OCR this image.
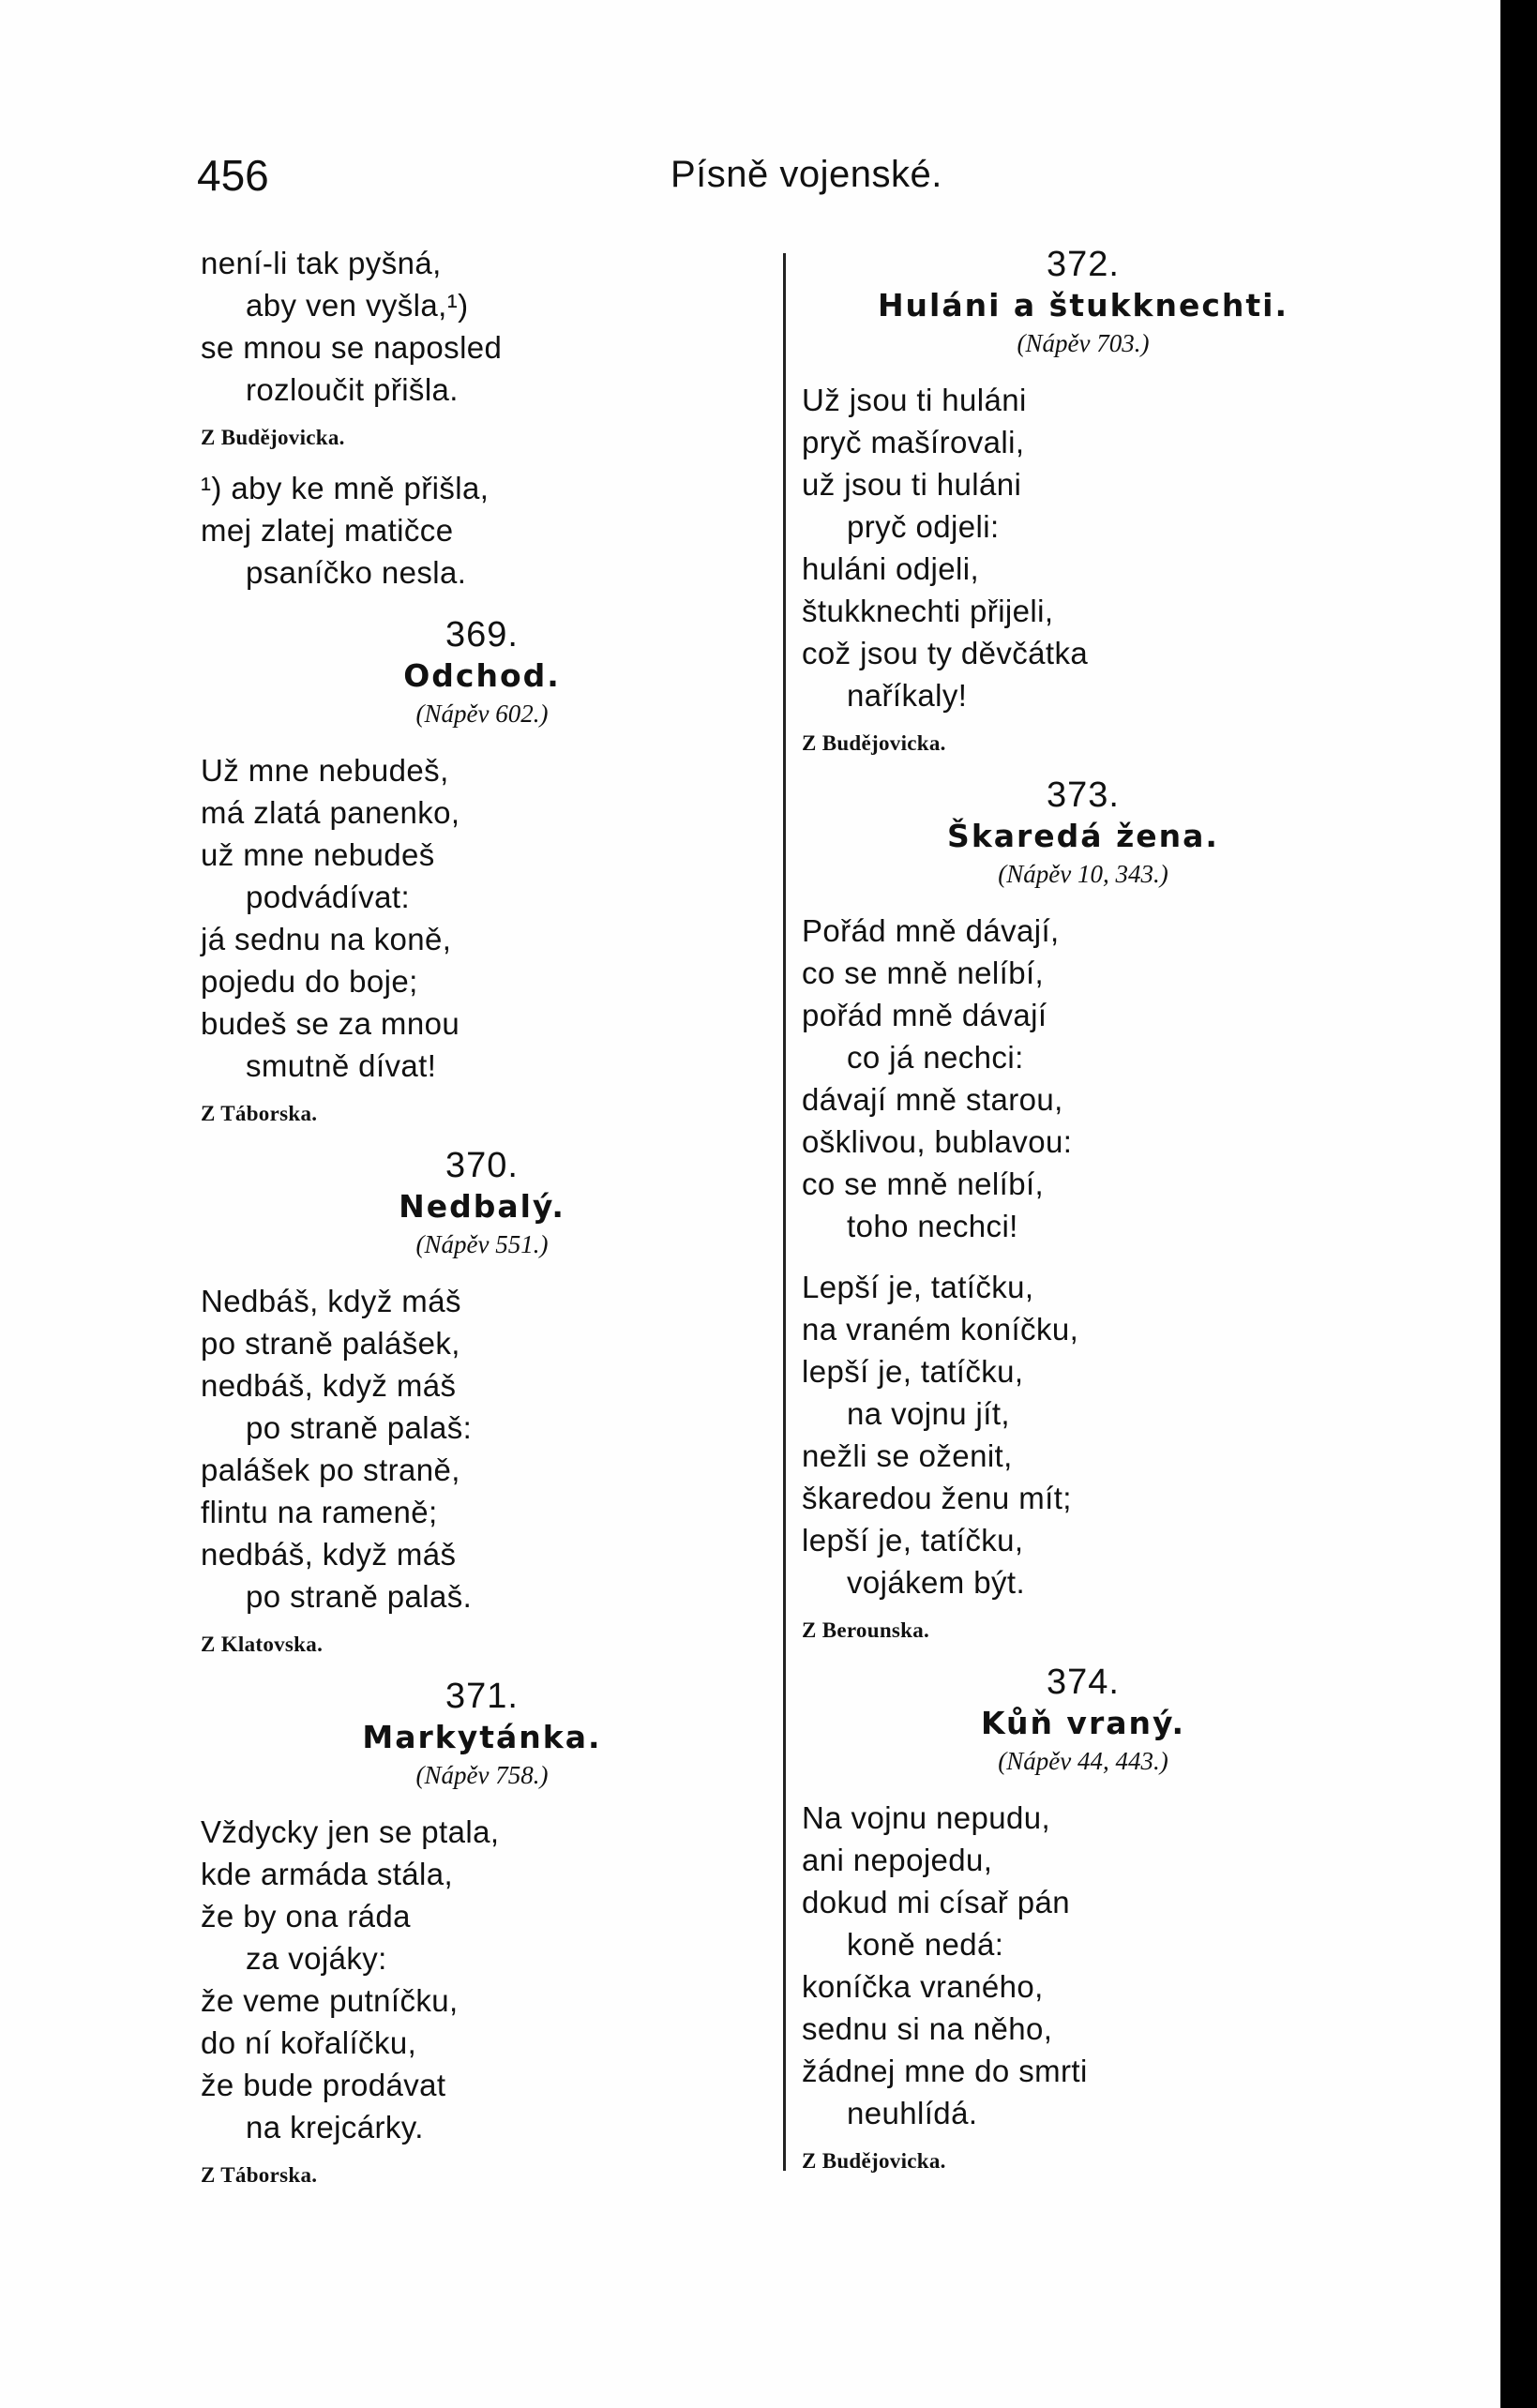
456	Písně vojenské.
není-li tak pyšná,
aby ven vyšla,¹)
se mnou se naposled
rozloučit přišla.
Z Budějovicka.
¹) aby ke mně přišla,
mej zlatej matičce
psaníčko nesla.
369.
Odchod.
(Nápěv 602.)
Už mne nebudeš,
má zlatá panenko,
už mne nebudeš
podvádívat:
já sednu na koně,
pojedu do boje;
budeš se za mnou
smutně dívat!
Z Táborska.
370.
Nedbalý.
(Nápěv 551.)
Nedbáš, když máš
po straně palášek,
nedbáš, když máš
po straně palaš:
palášek po straně,
flintu na rameně;
nedbáš, když máš
po straně palaš.
Z Klatovska.
371.
Markytánka.
(Nápěv 758.)
Vždycky jen se ptala,
kde armáda stála,
že by ona ráda
za vojáky:
že veme putníčku,
do ní kořalíčku,
že bude prodávat
na krejcárky.
Z Táborska.
372.
Huláni a štukknechti.
(Nápěv 703.)
Už jsou ti huláni
pryč mašírovali,
už jsou ti huláni
pryč odjeli:
huláni odjeli,
štukknechti přijeli,
což jsou ty děvčátka
naříkaly!
Z Budějovicka.
373.
Škaredá žena.
(Nápěv 10, 343.)
Pořád mně dávají,
co se mně nelíbí,
pořád mně dávají
co já nechci:
dávají mně starou,
ošklivou, bublavou:
co se mně nelíbí,
toho nechci!
Lepší je, tatíčku,
na vraném koníčku,
lepší je, tatíčku,
na vojnu jít,
nežli se oženit,
škaredou ženu mít;
lepší je, tatíčku,
vojákem být.
Z Berounska.
374.
Kůň vraný.
(Nápěv 44, 443.)
Na vojnu nepudu,
ani nepojedu,
dokud mi císař pán
koně nedá:
koníčka vraného,
sednu si na něho,
žádnej mne do smrti
neuhlídá.
Z Budějovicka.
